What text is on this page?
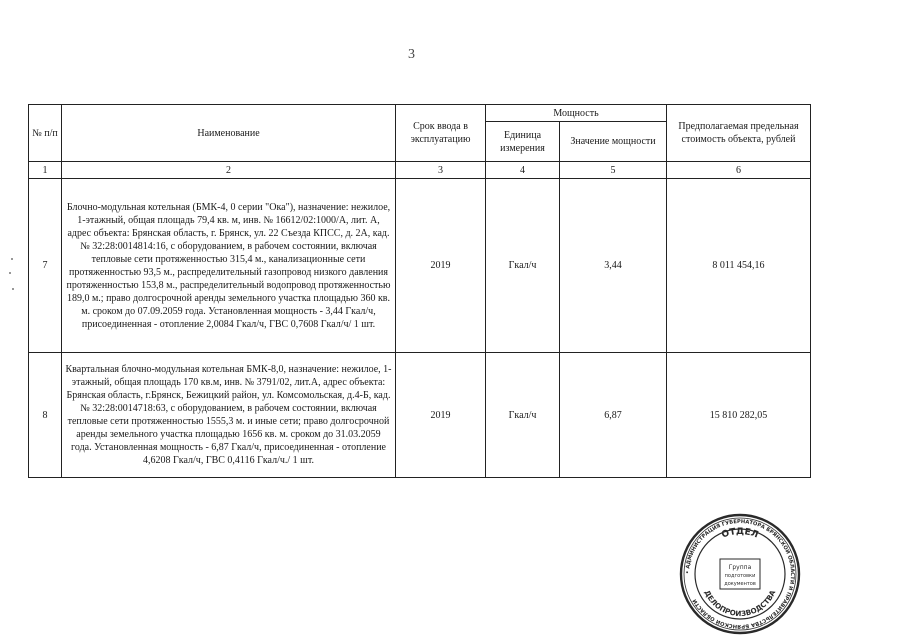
3
№ п/п	Наименование	Срок ввода в эксплуатацию	Мощность		Предполагаемая предельная стоимость объекта, рублей
			Единица измерения	Значение мощности	
1	2	3	4	5	6
7	Блочно-модульная котельная (БМК-4, 0 серии "Ока"), назначение: нежилое, 1-этажный, общая площадь 79,4 кв. м, инв. № 16612/02:1000/А, лит. А, адрес объекта: Брянская область, г. Брянск, ул. 22 Съезда КПСС, д. 2А, кад. № 32:28:0014814:16, с оборудованием, в рабочем состоянии, включая тепловые сети протяженностью 315,4 м., канализационные сети протяженностью 93,5 м., распределительный газопровод низкого давления протяженностью 153,8 м., распределительный водопровод протяженностью 189,0 м.; право долгосрочной аренды земельного участка площадью 360 кв. м. сроком до 07.09.2059 года. Установленная мощность - 3,44 Гкал/ч, присоединенная - отопление 2,0084 Гкал/ч, ГВС 0,7608 Гкал/ч/ 1 шт.	2019	Гкал/ч	3,44	8 011 454,16
8	Квартальная блочно-модульная котельная БМК-8,0, назначение: нежилое, 1-этажный, общая площадь 170 кв.м, инв. № 3791/02, лит.А, адрес объекта: Брянская область, г.Брянск, Бежицкий район, ул. Комсомольская, д.4-Б, кад. № 32:28:0014718:63, с оборудованием, в рабочем состоянии, включая тепловые сети протяженностью 1555,3 м. и иные сети; право долгосрочной аренды земельного участка площадью 1656 кв. м. сроком до 31.03.2059 года. Установленная мощность - 6,87 Гкал/ч, присоединенная - отопление 4,6208 Гкал/ч, ГВС 0,4116 Гкал/ч./ 1 шт.	2019	Гкал/ч	6,87	15 810 282,05
• АДМИНИСТРАЦИЯ ГУБЕРНАТОРА БРЯНСКОЙ ОБЛАСТИ И ПРАВИТЕЛЬСТВА БРЯНСКОЙ ОБЛАСТИ
ОТДЕЛ
ДЕЛОПРОИЗВОДСТВА
Группа
подготовки
документов
